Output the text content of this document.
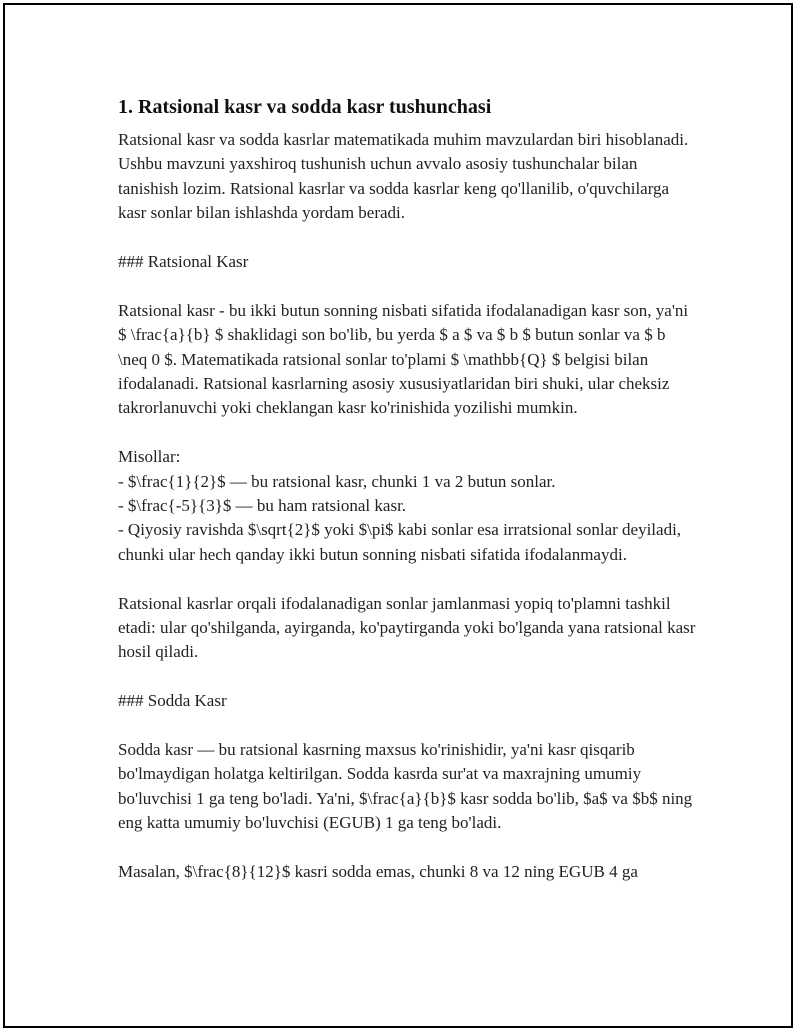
1. Ratsional kasr va sodda kasr tushunchasi

Ratsional kasr va sodda kasrlar matematikada muhim mavzulardan biri hisoblanadi. Ushbu mavzuni yaxshiroq tushunish uchun avvalo asosiy tushunchalar bilan tanishish lozim. Ratsional kasrlar va sodda kasrlar keng qo'llanilib, o'quvchilarga kasr sonlar bilan ishlashda yordam beradi.

### Ratsional Kasr

Ratsional kasr - bu ikki butun sonning nisbati sifatida ifodalanadigan kasr son, ya'ni $ \frac{a}{b} $ shaklidagi son bo'lib, bu yerda $ a $ va $ b $ butun sonlar va $ b \neq 0 $. Matematikada ratsional sonlar to'plami $ \mathbb{Q} $ belgisi bilan ifodalanadi. Ratsional kasrlarning asosiy xususiyatlaridan biri shuki, ular cheksiz takrorlanuvchi yoki cheklangan kasr ko'rinishida yozilishi mumkin.

Misollar:
- $\frac{1}{2}$ — bu ratsional kasr, chunki 1 va 2 butun sonlar.
- $\frac{-5}{3}$ — bu ham ratsional kasr.
- Qiyosiy ravishda $\sqrt{2}$ yoki $\pi$ kabi sonlar esa irratsional sonlar deyiladi, chunki ular hech qanday ikki butun sonning nisbati sifatida ifodalanmaydi.

Ratsional kasrlar orqali ifodalanadigan sonlar jamlanmasi yopiq to'plamni tashkil etadi: ular qo'shilganda, ayirganda, ko'paytirganda yoki bo'lganda yana ratsional kasr hosil qiladi.

### Sodda Kasr

Sodda kasr — bu ratsional kasrning maxsus ko'rinishidir, ya'ni kasr qisqarib bo'lmaydigan holatga keltirilgan. Sodda kasrda sur'at va maxrajning umumiy bo'luvchisi 1 ga teng bo'ladi. Ya'ni, $\frac{a}{b}$ kasr sodda bo'lib, $a$ va $b$ ning eng katta umumiy bo'luvchisi (EGUB) 1 ga teng bo'ladi.

Masalan, $\frac{8}{12}$ kasri sodda emas, chunki 8 va 12 ning EGUB 4 ga
